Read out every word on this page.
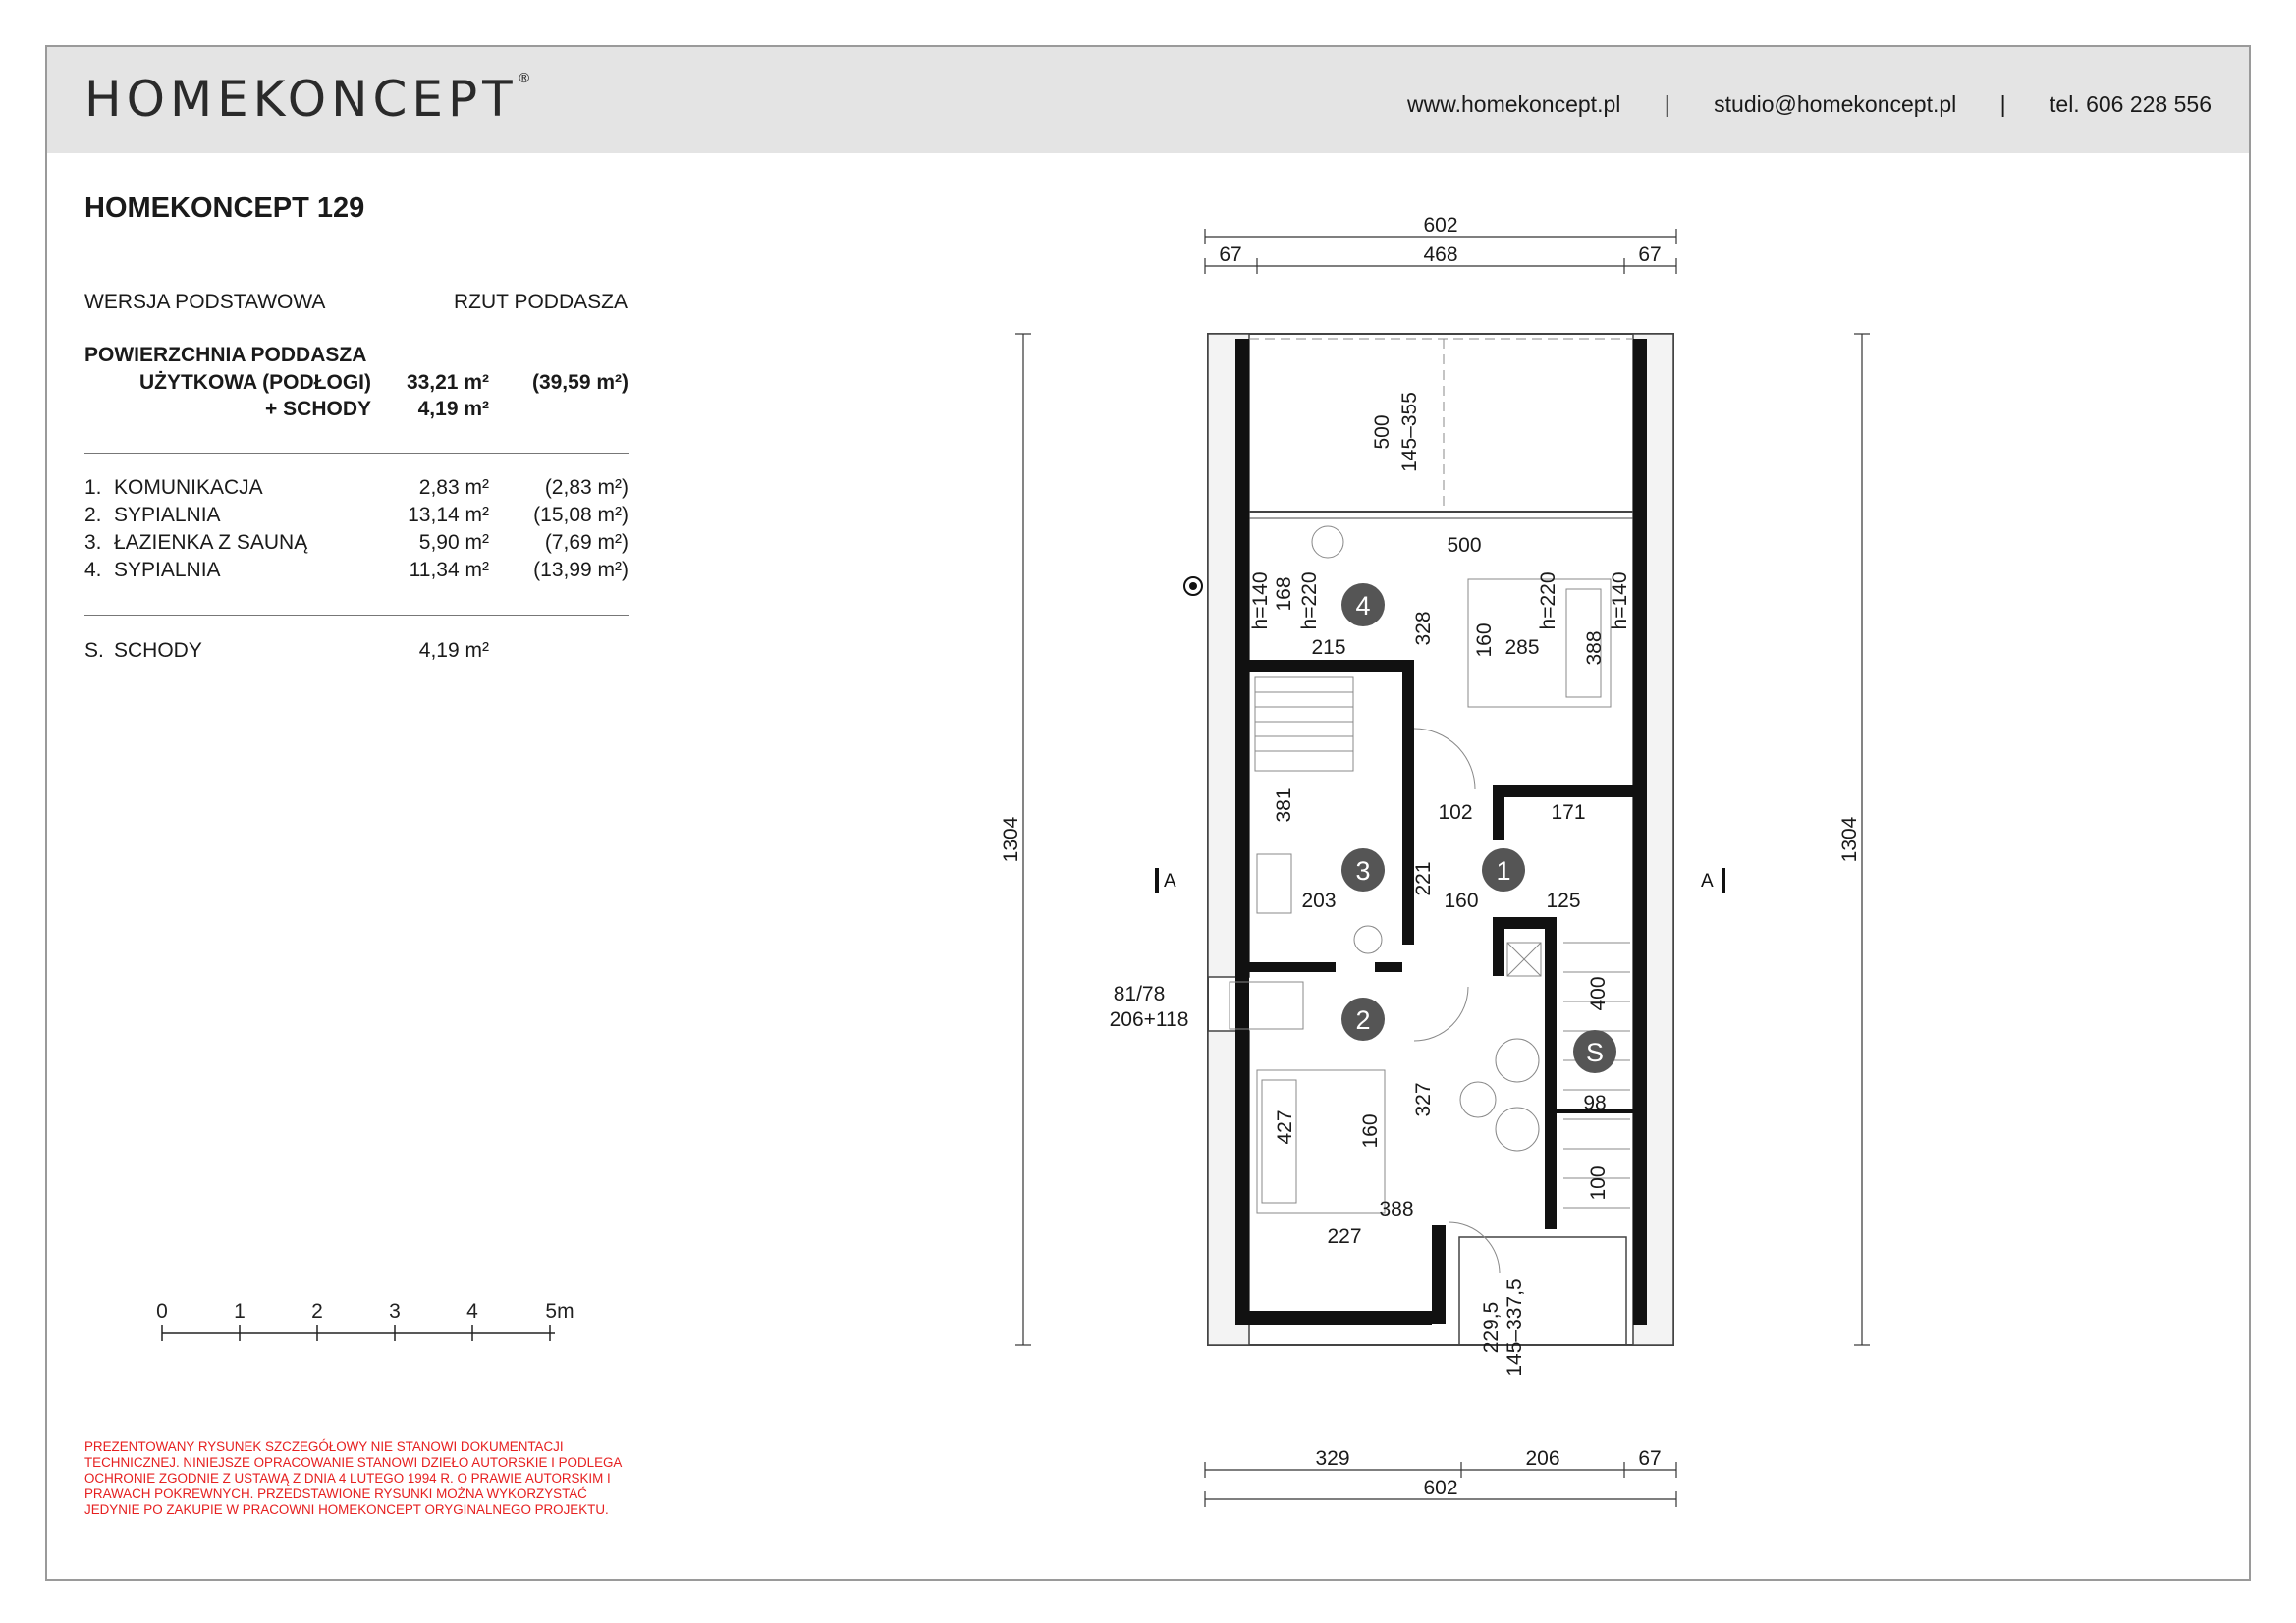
HOMEKONCEPT®
www.homekoncept.pl | studio@homekoncept.pl | tel. 606 228 556
HOMEKONCEPT 129
WERSJA PODSTAWOWA	RZUT PODDASZA
POWIERZCHNIA PODDASZA
UŻYTKOWA (PODŁOGI)	33,21 m²	(39,59 m²)
+ SCHODY	4,19 m²
1. KOMUNIKACJA	2,83 m²	(2,83 m²)
2. SYPIALNIA	13,14 m²	(15,08 m²)
3. ŁAZIENKA Z SAUNĄ	5,90 m²	(7,69 m²)
4. SYPIALNIA	11,34 m²	(13,99 m²)
S. SCHODY	4,19 m²
0	1	2	3	4	5m
PREZENTOWANY RYSUNEK SZCZEGÓŁOWY NIE STANOWI DOKUMENTACJI TECHNICZNEJ. NINIEJSZE OPRACOWANIE STANOWI DZIEŁO AUTORSKIE I PODLEGA OCHRONIE ZGODNIE Z USTAWĄ Z DNIA 4 LUTEGO 1994 R. O PRAWIE AUTORSKIM I PRAWACH POKREWNYCH. PRZEDSTAWIONE RYSUNKI MOŻNA WYKORZYSTAĆ JEDYNIE PO ZAKUPIE W PRACOWNI HOMEKONCEPT ORYGINALNEGO PROJEKTU.
4
3	1
2
S
A	A
602
67	468	67
329	206	67
602
1304	1304
500 145–355
500
h=140 168 h=220
215
328 160 285
h=220
388
h=140
381
203
102	171
221
160	125
81/78
206+118
400
98
100
427	160
327
388
227
229,5 145–337,5
